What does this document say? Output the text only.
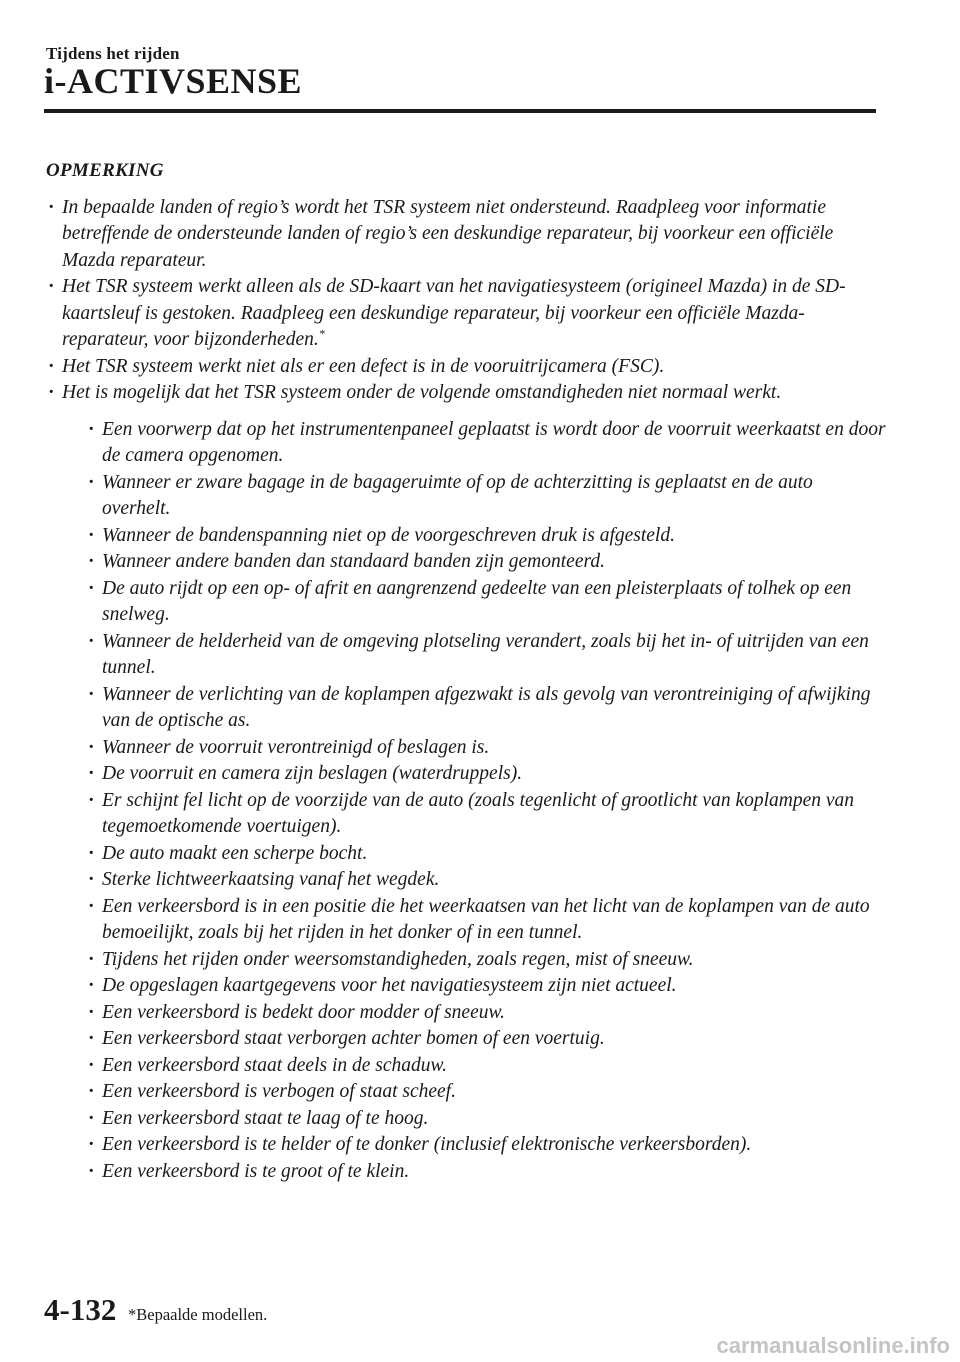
Tijdens het rijden
i-ACTIVSENSE
OPMERKING
· In bepaalde landen of regio’s wordt het TSR systeem niet ondersteund. Raadpleeg voor informatie betreffende de ondersteunde landen of regio’s een deskundige reparateur, bij voorkeur een officiële Mazda reparateur.
· Het TSR systeem werkt alleen als de SD-kaart van het navigatiesysteem (origineel Mazda) in de SD-kaartsleuf is gestoken. Raadpleeg een deskundige reparateur, bij voorkeur een officiële Mazda-reparateur, voor bijzonderheden.*
· Het TSR systeem werkt niet als er een defect is in de vooruitrijcamera (FSC).
· Het is mogelijk dat het TSR systeem onder de volgende omstandigheden niet normaal werkt.
· Een voorwerp dat op het instrumentenpaneel geplaatst is wordt door de voorruit weerkaatst en door de camera opgenomen.
· Wanneer er zware bagage in de bagageruimte of op de achterzitting is geplaatst en de auto overhelt.
· Wanneer de bandenspanning niet op de voorgeschreven druk is afgesteld.
· Wanneer andere banden dan standaard banden zijn gemonteerd.
· De auto rijdt op een op- of afrit en aangrenzend gedeelte van een pleisterplaats of tolhek op een snelweg.
· Wanneer de helderheid van de omgeving plotseling verandert, zoals bij het in- of uitrijden van een tunnel.
· Wanneer de verlichting van de koplampen afgezwakt is als gevolg van verontreiniging of afwijking van de optische as.
· Wanneer de voorruit verontreinigd of beslagen is.
· De voorruit en camera zijn beslagen (waterdruppels).
· Er schijnt fel licht op de voorzijde van de auto (zoals tegenlicht of grootlicht van koplampen van tegemoetkomende voertuigen).
· De auto maakt een scherpe bocht.
· Sterke lichtweerkaatsing vanaf het wegdek.
· Een verkeersbord is in een positie die het weerkaatsen van het licht van de koplampen van de auto bemoeilijkt, zoals bij het rijden in het donker of in een tunnel.
· Tijdens het rijden onder weersomstandigheden, zoals regen, mist of sneeuw.
· De opgeslagen kaartgegevens voor het navigatiesysteem zijn niet actueel.
· Een verkeersbord is bedekt door modder of sneeuw.
· Een verkeersbord staat verborgen achter bomen of een voertuig.
· Een verkeersbord staat deels in de schaduw.
· Een verkeersbord is verbogen of staat scheef.
· Een verkeersbord staat te laag of te hoog.
· Een verkeersbord is te helder of te donker (inclusief elektronische verkeersborden).
· Een verkeersbord is te groot of te klein.
4-132 *Bepaalde modellen.
carmanualsonline.info
